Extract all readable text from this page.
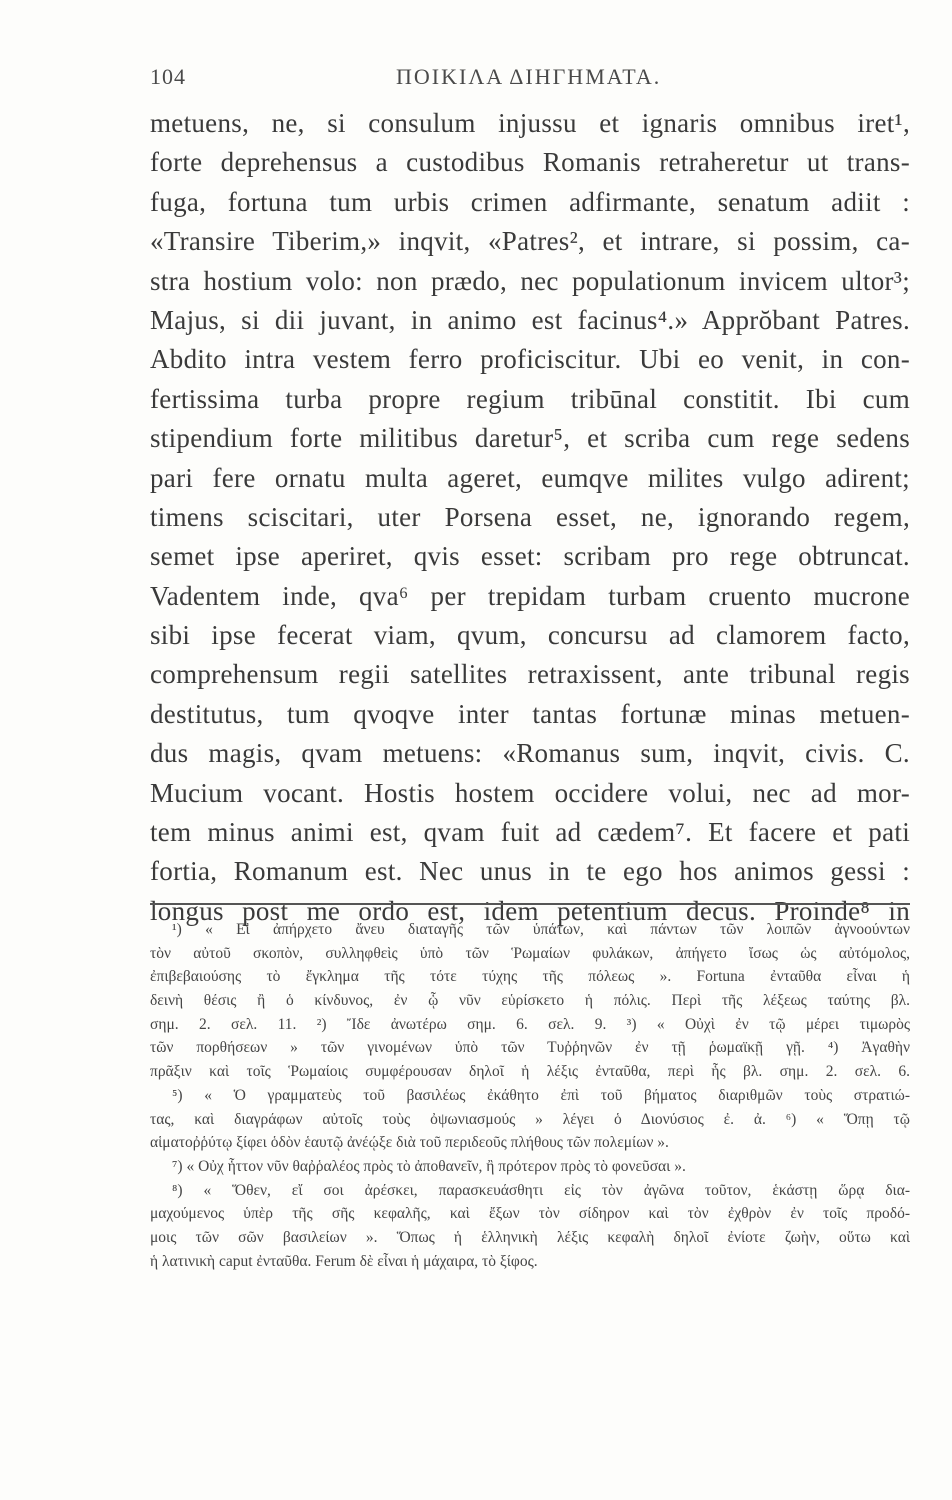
104	ΠΟΙΚΙΛΑ ΔΙΗΓΗΜΑΤΑ.
metuens, ne, si consulum injussu et ignaris omnibus iret¹,
forte deprehensus a custodibus Romanis retraheretur ut trans-
fuga, fortuna tum urbis crimen adfirmante, senatum adiit :
«Transire Tiberim,» inqvit, «Patres², et intrare, si possim, ca-
stra hostium volo: non prædo, nec populationum invicem ultor³;
Majus, si dii juvant, in animo est facinus⁴.» Apprŏbant Patres.
Abdito intra vestem ferro proficiscitur. Ubi eo venit, in con-
fertissima turba propre regium tribūnal constitit. Ibi cum
stipendium forte militibus daretur⁵, et scriba cum rege sedens
pari fere ornatu multa ageret, eumqve milites vulgo adirent;
timens sciscitari, uter Porsena esset, ne, ignorando regem,
semet ipse aperiret, qvis esset: scribam pro rege obtruncat.
Vadentem inde, qva⁶ per trepidam turbam cruento mucrone
sibi ipse fecerat viam, qvum, concursu ad clamorem facto,
comprehensum regii satellites retraxissent, ante tribunal regis
destitutus, tum qvoqve inter tantas fortunæ minas metuen-
dus magis, qvam metuens: «Romanus sum, inqvit, civis. C.
Mucium vocant. Hostis hostem occidere volui, nec ad mor-
tem minus animi est, qvam fuit ad cædem⁷. Et facere et pati
fortia, Romanum est. Nec unus in te ego hos animos gessi :
longus post me ordo est, idem petentium decus. Proinde⁸ in
¹) « Εἰ ἀπήρχετο ἄνευ διαταγῆς τῶν ὑπάτων, καὶ πάντων τῶν λοιπῶν ἀγνοούντων
τὸν αὐτοῦ σκοπὸν, συλληφθεὶς ὑπὸ τῶν Ῥωμαίων φυλάκων, ἀπήγετο ἴσως ὡς αὐτόμολος,
ἐπιβεβαιούσης τὸ ἔγκλημα τῆς τότε τύχης τῆς πόλεως ». Fortuna ἐνταῦθα εἶναι ἡ
δεινὴ θέσις ἢ ὁ κίνδυνος, ἐν ᾧ νῦν εὑρίσκετο ἡ πόλις. Περὶ τῆς λέξεως ταύτης βλ.
σημ. 2. σελ. 11. ²) Ἴδε ἀνωτέρω σημ. 6. σελ. 9. ³) « Οὐχὶ ἐν τῷ μέρει τιμωρὸς
τῶν πορθήσεων » τῶν γινομένων ὑπὸ τῶν Τυῤῥηνῶν ἐν τῇ ῥωμαϊκῇ γῇ. ⁴) Ἀγαθὴν
πρᾶξιν καὶ τοῖς Ῥωμαίοις συμφέρουσαν δηλοῖ ἡ λέξις ἐνταῦθα, περὶ ἧς βλ. σημ. 2. σελ. 6.
⁵) « Ὁ γραμματεὺς τοῦ βασιλέως ἐκάθητο ἐπὶ τοῦ βήματος διαριθμῶν τοὺς στρατιώ-
τας, καὶ διαγράφων αὐτοῖς τοὺς ὀψωνιασμούς » λέγει ὁ Διονύσιος ἐ. ἀ. ⁶) « Ὅπῃ τῷ
αἱματοῤῥύτῳ ξίφει ὁδὸν ἑαυτῷ ἀνέῴξε διὰ τοῦ περιδεοῦς πλήθους τῶν πολεμίων ».
⁷) « Οὐχ ἧττον νῦν θαῤῥαλέος πρὸς τὸ ἀποθανεῖν, ἢ πρότερον πρὸς τὸ φονεῦσαι ».
⁸) « Ὅθεν, εἴ σοι ἀρέσκει, παρασκευάσθητι εἰς τὸν ἀγῶνα τοῦτον, ἑκάστῃ ὥρᾳ δια-
μαχούμενος ὑπὲρ τῆς σῆς κεφαλῆς, καὶ ἔξων τὸν σίδηρον καὶ τὸν ἐχθρὸν ἐν τοῖς προδό-
μοις τῶν σῶν βασιλείων ». Ὅπως ἡ ἑλληνικὴ λέξις κεφαλὴ δηλοῖ ἐνίοτε ζωὴν, οὕτω καὶ
ἡ λατινικὴ caput ἐνταῦθα. Ferum δὲ εἶναι ἡ μάχαιρα, τὸ ξίφος.
